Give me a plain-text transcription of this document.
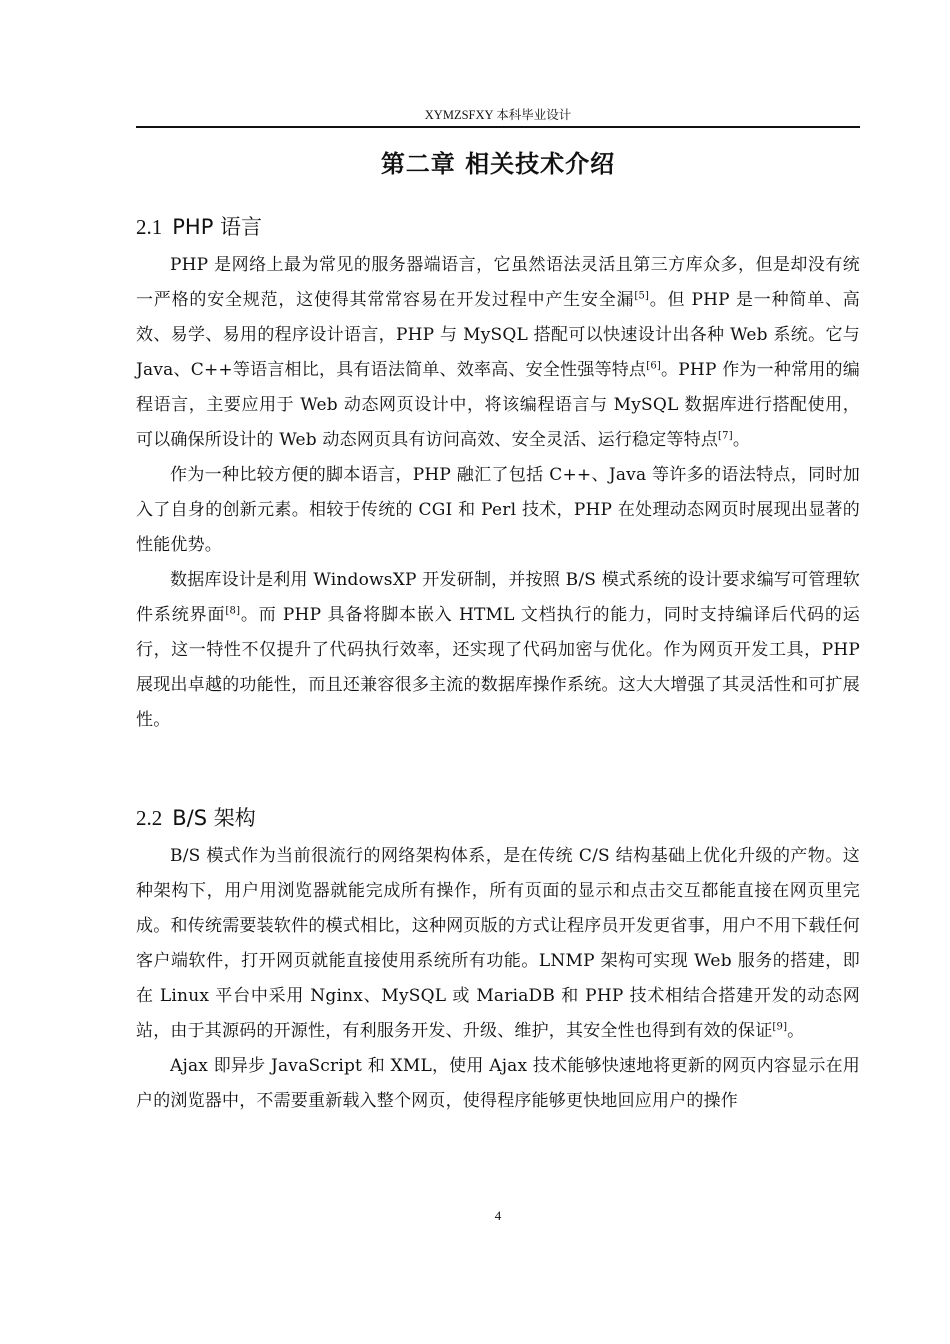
XYMZSFXY 本科毕业设计
第二章 相关技术介绍
2.1 PHP 语言

PHP 是网络上最为常见的服务器端语言，它虽然语法灵活且第三方库众多，但是却没有统一严格的安全规范，这使得其常常容易在开发过程中产生安全漏[5]。但 PHP 是一种简单、高效、易学、易用的程序设计语言，PHP 与 MySQL 搭配可以快速设计出各种 Web 系统。它与 Java、C++等语言相比，具有语法简单、效率高、安全性强等特点[6]。PHP 作为一种常用的编程语言，主要应用于 Web 动态网页设计中，将该编程语言与 MySQL 数据库进行搭配使用，可以确保所设计的 Web 动态网页具有访问高效、安全灵活、运行稳定等特点[7]。

作为一种比较方便的脚本语言，PHP 融汇了包括 C++、Java 等许多的语法特点，同时加入了自身的创新元素。相较于传统的 CGI 和 Perl 技术，PHP 在处理动态网页时展现出显著的性能优势。

数据库设计是利用 WindowsXP 开发研制，并按照 B/S 模式系统的设计要求编写可管理软件系统界面[8]。而 PHP 具备将脚本嵌入 HTML 文档执行的能力，同时支持编译后代码的运行，这一特性不仅提升了代码执行效率，还实现了代码加密与优化。作为网页开发工具，PHP 展现出卓越的功能性，而且还兼容很多主流的数据库操作系统。这大大增强了其灵活性和可扩展性。

2.2 B/S 架构

B/S 模式作为当前很流行的网络架构体系，是在传统 C/S 结构基础上优化升级的产物。这种架构下，用户用浏览器就能完成所有操作，所有页面的显示和点击交互都能直接在网页里完成。和传统需要装软件的模式相比，这种网页版的方式让程序员开发更省事，用户不用下载任何客户端软件，打开网页就能直接使用系统所有功能。LNMP 架构可实现 Web 服务的搭建，即在 Linux 平台中采用 Nginx、MySQL 或 MariaDB 和 PHP 技术相结合搭建开发的动态网站，由于其源码的开源性，有利服务开发、升级、维护，其安全性也得到有效的保证[9]。

Ajax 即异步 JavaScript 和 XML，使用 Ajax 技术能够快速地将更新的网页内容显示在用户的浏览器中，不需要重新载入整个网页，使得程序能够更快地回应用户的操作

4
